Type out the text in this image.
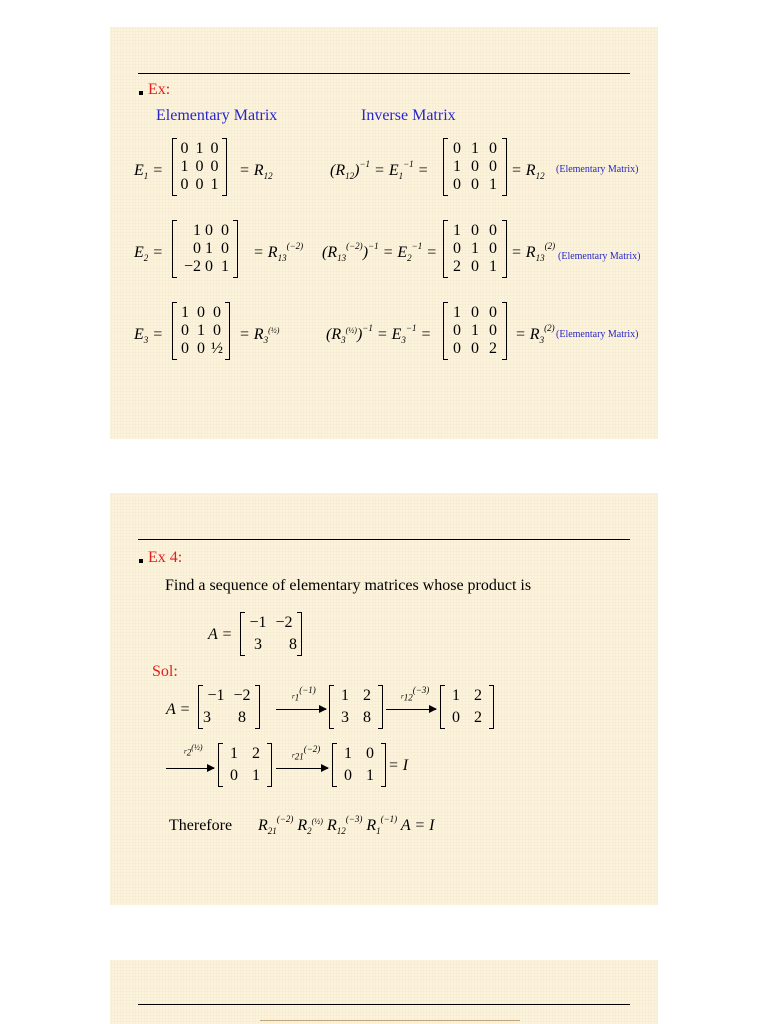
Ex:
Elementary Matrix	Inverse Matrix
$E_1$ =
0 1 0
1 0 0
0 0 1
= $R_{12}$	$(R_{12})^{-1} = E_1^{-1}$ =
0 1 0
1 0 0
0 0 1
= $R_{12}$
(Elementary Matrix)
$E_2$ =
1 0 0
0 1 0
−2 0 1
= $R_{13}^{(-2)}$ $(R_{13}^{(-2)})^{-1} = E_2^{-1}$ =
1 0 0
0 1 0
2 0 1
= $R_{13}^{(2)}$
(Elementary Matrix)
$E_3$ =
1 0 0
0 1 0
0 0 ½
= $R_3(\frac{1}{2})$	$(R_3(\frac{1}{2}))^{-1} = E_3^{-1}$ =
1 0 0
0 1 0
0 0 2
= $R_3^{(2)}$
(Elementary Matrix)
Ex 4:
Find a sequence of elementary matrices whose product is
A =
−1 −2
3	8
Sol:
A =
−1 −2
3	8
$r_1^{(-1)}$	1 2
3 8
$r_{12}^{(-3)}$	1 2
0 2
$r_2(\frac{1}{2})$	1 2
0 1
$r_{21}^{(-2)}$	1 0
0 1
= I
Therefore $R_{21}^{(-2)}$ $R_2(\frac{1}{2})$ $R_{12}^{(-3)}$ $R_1^{(-1)}$ A = I
